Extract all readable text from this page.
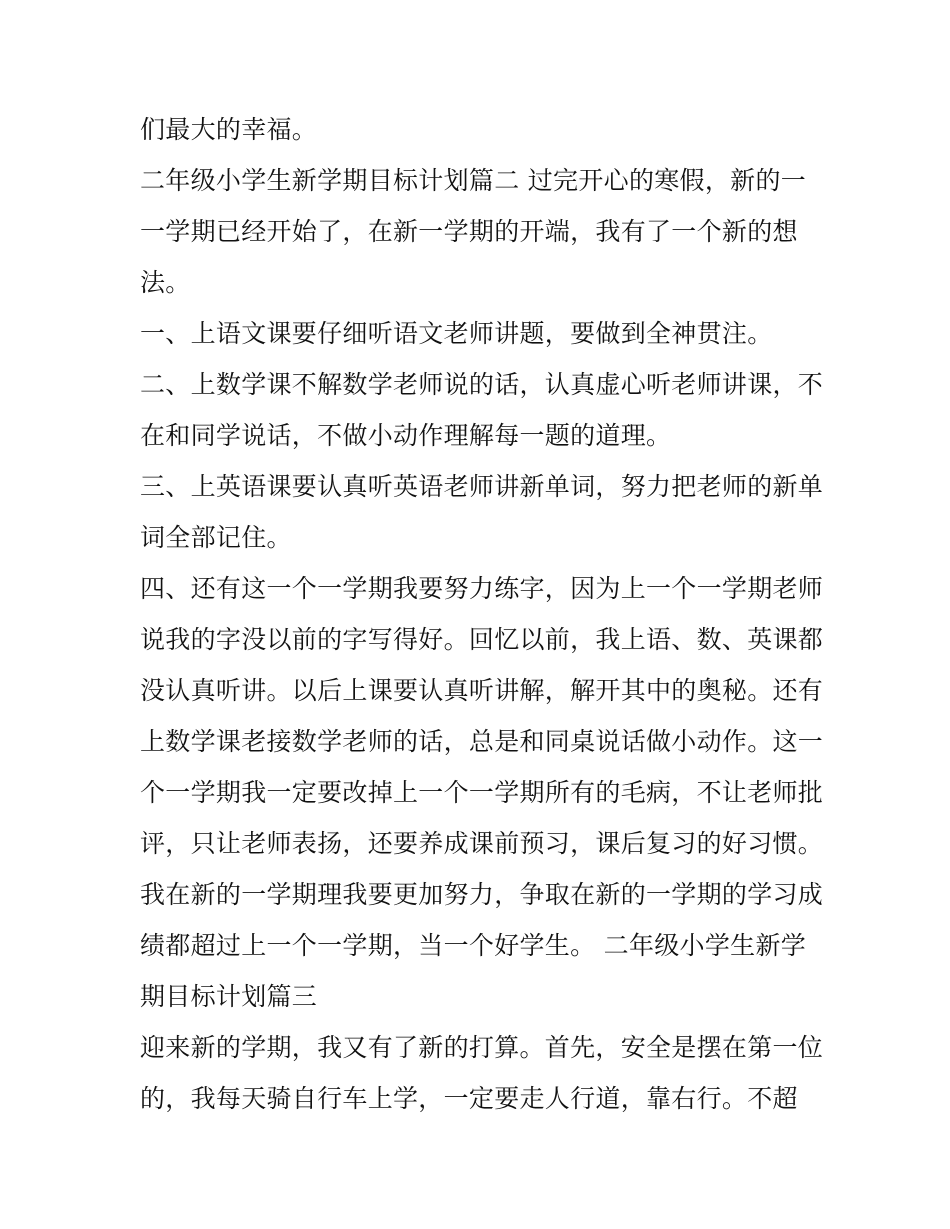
们最大的幸福。
二年级小学生新学期目标计划篇二 过完开心的寒假，新的一
一学期已经开始了，在新一学期的开端，我有了一个新的想
法。
一、上语文课要仔细听语文老师讲题，要做到全神贯注。
二、上数学课不解数学老师说的话，认真虚心听老师讲课，不
在和同学说话，不做小动作理解每一题的道理。
三、上英语课要认真听英语老师讲新单词，努力把老师的新单
词全部记住。
四、还有这一个一学期我要努力练字，因为上一个一学期老师
说我的字没以前的字写得好。回忆以前，我上语、数、英课都
没认真听讲。以后上课要认真听讲解，解开其中的奥秘。还有
上数学课老接数学老师的话，总是和同桌说话做小动作。这一
个一学期我一定要改掉上一个一学期所有的毛病，不让老师批
评，只让老师表扬，还要养成课前预习，课后复习的好习惯。
我在新的一学期理我要更加努力，争取在新的一学期的学习成
绩都超过上一个一学期，当一个好学生。 二年级小学生新学
期目标计划篇三
迎来新的学期，我又有了新的打算。首先，安全是摆在第一位
的，我每天骑自行车上学，一定要走人行道，靠右行。不超
